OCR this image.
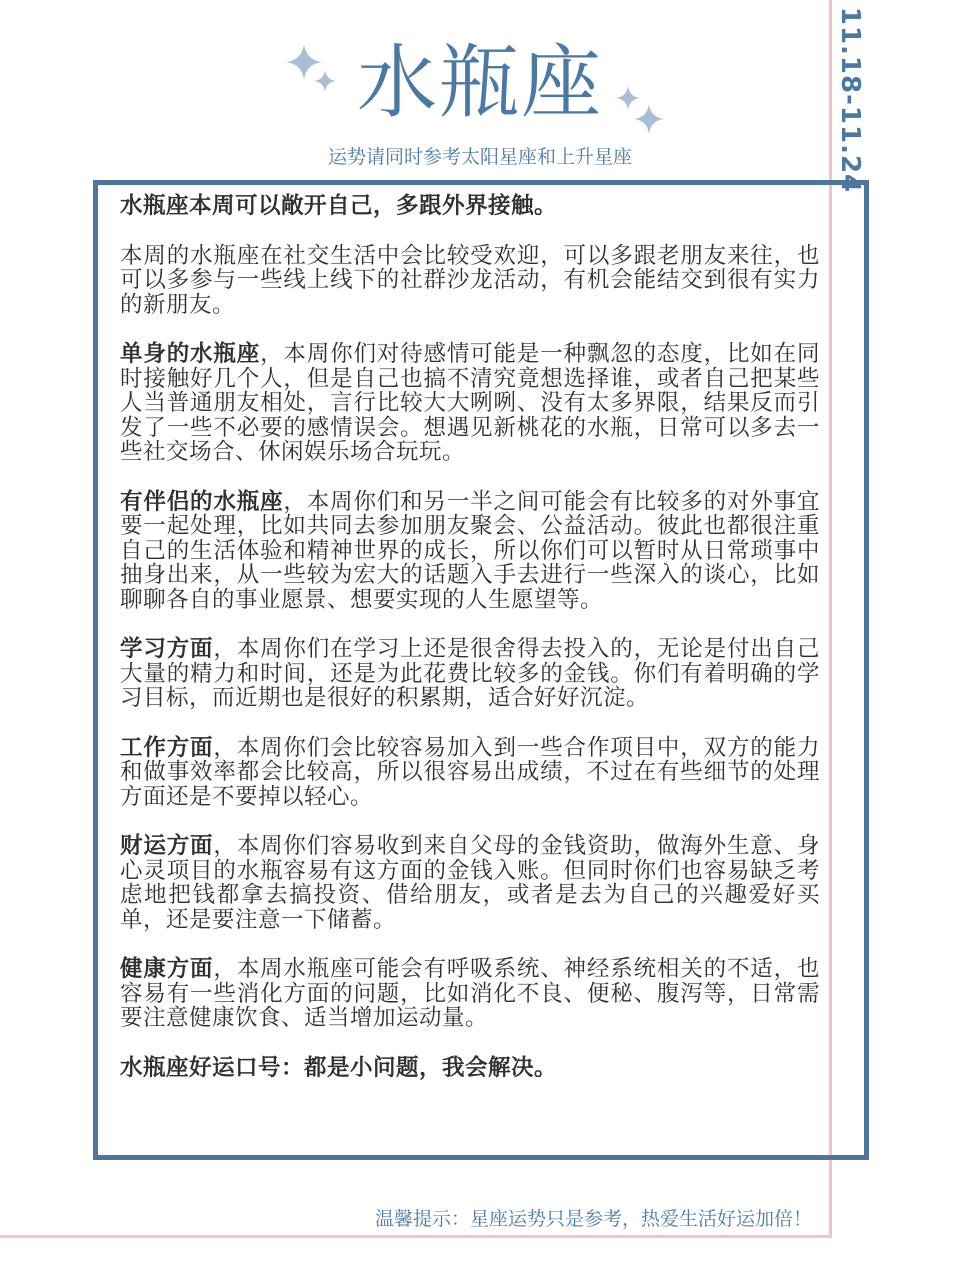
11.18-11.24
水瓶座
运势请同时参考太阳星座和上升星座

水瓶座本周可以敞开自己，多跟外界接触。

本周的水瓶座在社交生活中会比较受欢迎，可以多跟老朋友来往，也可以多参与一些线上线下的社群沙龙活动，有机会能结交到很有实力的新朋友。

单身的水瓶座，本周你们对待感情可能是一种飘忽的态度，比如在同时接触好几个人，但是自己也搞不清究竟想选择谁，或者自己把某些人当普通朋友相处，言行比较大大咧咧、没有太多界限，结果反而引发了一些不必要的感情误会。想遇见新桃花的水瓶，日常可以多去一些社交场合、休闲娱乐场合玩玩。

有伴侣的水瓶座，本周你们和另一半之间可能会有比较多的对外事宜要一起处理，比如共同去参加朋友聚会、公益活动。彼此也都很注重自己的生活体验和精神世界的成长，所以你们可以暂时从日常琐事中抽身出来，从一些较为宏大的话题入手去进行一些深入的谈心，比如聊聊各自的事业愿景、想要实现的人生愿望等。

学习方面，本周你们在学习上还是很舍得去投入的，无论是付出自己大量的精力和时间，还是为此花费比较多的金钱。你们有着明确的学习目标，而近期也是很好的积累期，适合好好沉淀。

工作方面，本周你们会比较容易加入到一些合作项目中，双方的能力和做事效率都会比较高，所以很容易出成绩，不过在有些细节的处理方面还是不要掉以轻心。

财运方面，本周你们容易收到来自父母的金钱资助，做海外生意、身心灵项目的水瓶容易有这方面的金钱入账。但同时你们也容易缺乏考虑地把钱都拿去搞投资、借给朋友，或者是去为自己的兴趣爱好买单，还是要注意一下储蓄。

健康方面，本周水瓶座可能会有呼吸系统、神经系统相关的不适，也容易有一些消化方面的问题，比如消化不良、便秘、腹泻等，日常需要注意健康饮食、适当增加运动量。

水瓶座好运口号：都是小问题，我会解决。

温馨提示：星座运势只是参考，热爱生活好运加倍！
